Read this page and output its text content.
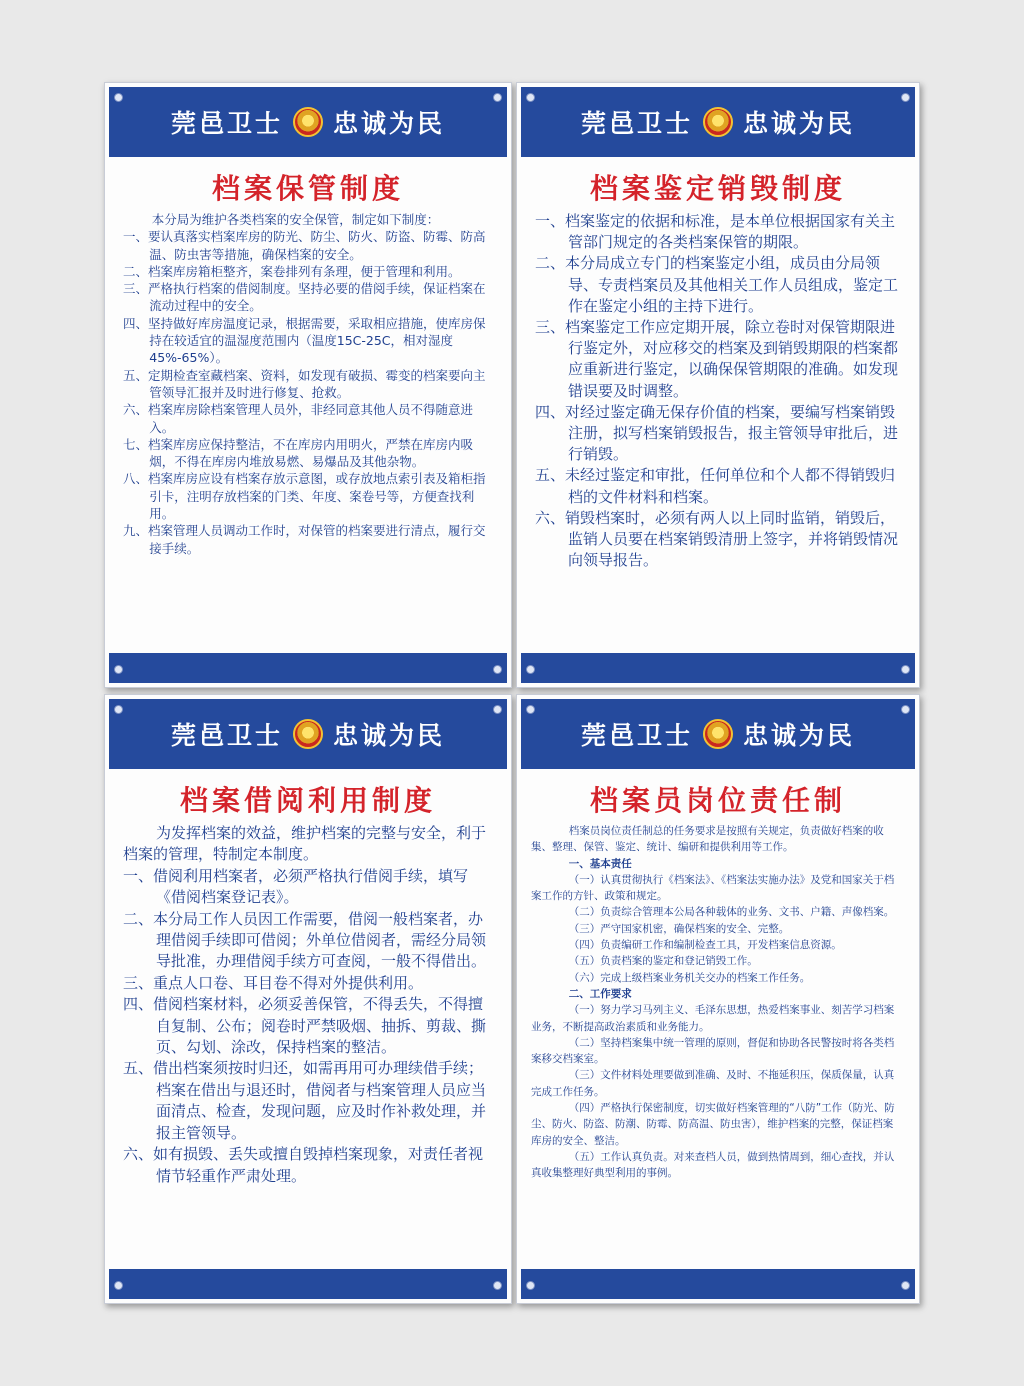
莞邑卫士 忠诚为民
档案保管制度

本分局为维护各类档案的安全保管，制定如下制度：

一、要认真落实档案库房的防光、防尘、防火、防盗、防霉、防高温、防虫害等措施，确保档案的安全。

二、档案库房箱柜整齐，案卷排列有条理，便于管理和利用。

三、严格执行档案的借阅制度。坚持必要的借阅手续，保证档案在流动过程中的安全。

四、坚持做好库房温度记录，根据需要，采取相应措施，使库房保持在较适宜的温湿度范围内（温度15C-25C，相对湿度45%-65%）。

五、定期检查室藏档案、资料，如发现有破损、霉变的档案要向主管领导汇报并及时进行修复、抢救。

六、档案库房除档案管理人员外，非经同意其他人员不得随意进入。

七、档案库房应保持整洁，不在库房内用明火，严禁在库房内吸烟，不得在库房内堆放易燃、易爆品及其他杂物。

八、档案库房应设有档案存放示意图，或存放地点索引表及箱柜指引卡，注明存放档案的门类、年度、案卷号等，方便查找利用。

九、档案管理人员调动工作时，对保管的档案要进行清点，履行交接手续。

莞邑卫士 忠诚为民
档案鉴定销毁制度

一、档案鉴定的依据和标准，是本单位根据国家有关主管部门规定的各类档案保管的期限。

二、本分局成立专门的档案鉴定小组，成员由分局领导、专责档案员及其他相关工作人员组成，鉴定工作在鉴定小组的主持下进行。

三、档案鉴定工作应定期开展，除立卷时对保管期限进行鉴定外，对应移交的档案及到销毁期限的档案都应重新进行鉴定，以确保保管期限的准确。如发现错误要及时调整。

四、对经过鉴定确无保存价值的档案，要编写档案销毁注册，拟写档案销毁报告，报主管领导审批后，进行销毁。

五、未经过鉴定和审批，任何单位和个人都不得销毁归档的文件材料和档案。

六、销毁档案时，必须有两人以上同时监销，销毁后，监销人员要在档案销毁清册上签字，并将销毁情况向领导报告。

莞邑卫士 忠诚为民
档案借阅利用制度

为发挥档案的效益，维护档案的完整与安全，利于档案的管理，特制定本制度。

一、借阅利用档案者，必须严格执行借阅手续，填写《借阅档案登记表》。

二、本分局工作人员因工作需要，借阅一般档案者，办理借阅手续即可借阅；外单位借阅者，需经分局领导批准，办理借阅手续方可查阅，一般不得借出。

三、重点人口卷、耳目卷不得对外提供利用。

四、借阅档案材料，必须妥善保管，不得丢失，不得擅自复制、公布；阅卷时严禁吸烟、抽拆、剪裁、撕页、勾划、涂改，保持档案的整洁。

五、借出档案须按时归还，如需再用可办理续借手续；档案在借出与退还时，借阅者与档案管理人员应当面清点、检查，发现问题，应及时作补救处理，并报主管领导。

六、如有损毁、丢失或擅自毁掉档案现象，对责任者视情节轻重作严肃处理。

莞邑卫士 忠诚为民
档案员岗位责任制

档案员岗位责任制总的任务要求是按照有关规定，负责做好档案的收集、整理、保管、鉴定、统计、编研和提供利用等工作。

一、基本责任

（一）认真贯彻执行《档案法》、《档案法实施办法》及党和国家关于档案工作的方针、政策和规定。

（二）负责综合管理本公局各种载体的业务、文书、户籍、声像档案。

（三）严守国家机密，确保档案的安全、完整。

（四）负责编研工作和编制检查工具，开发档案信息资源。

（五）负责档案的鉴定和登记销毁工作。

（六）完成上级档案业务机关交办的档案工作任务。

二、工作要求

（一）努力学习马列主义、毛泽东思想，热爱档案事业、刻苦学习档案业务，不断提高政治素质和业务能力。

（二）坚持档案集中统一管理的原则，督促和协助各民警按时将各类档案移交档案室。

（三）文件材料处理要做到准确、及时、不拖延积压，保质保量，认真完成工作任务。

（四）严格执行保密制度，切实做好档案管理的“八防”工作（防光、防尘、防火、防盗、防潮、防霉、防高温、防虫害），维护档案的完整，保证档案库房的安全、整洁。

（五）工作认真负责。对来查档人员，做到热情周到，细心查找，并认真收集整理好典型利用的事例。
